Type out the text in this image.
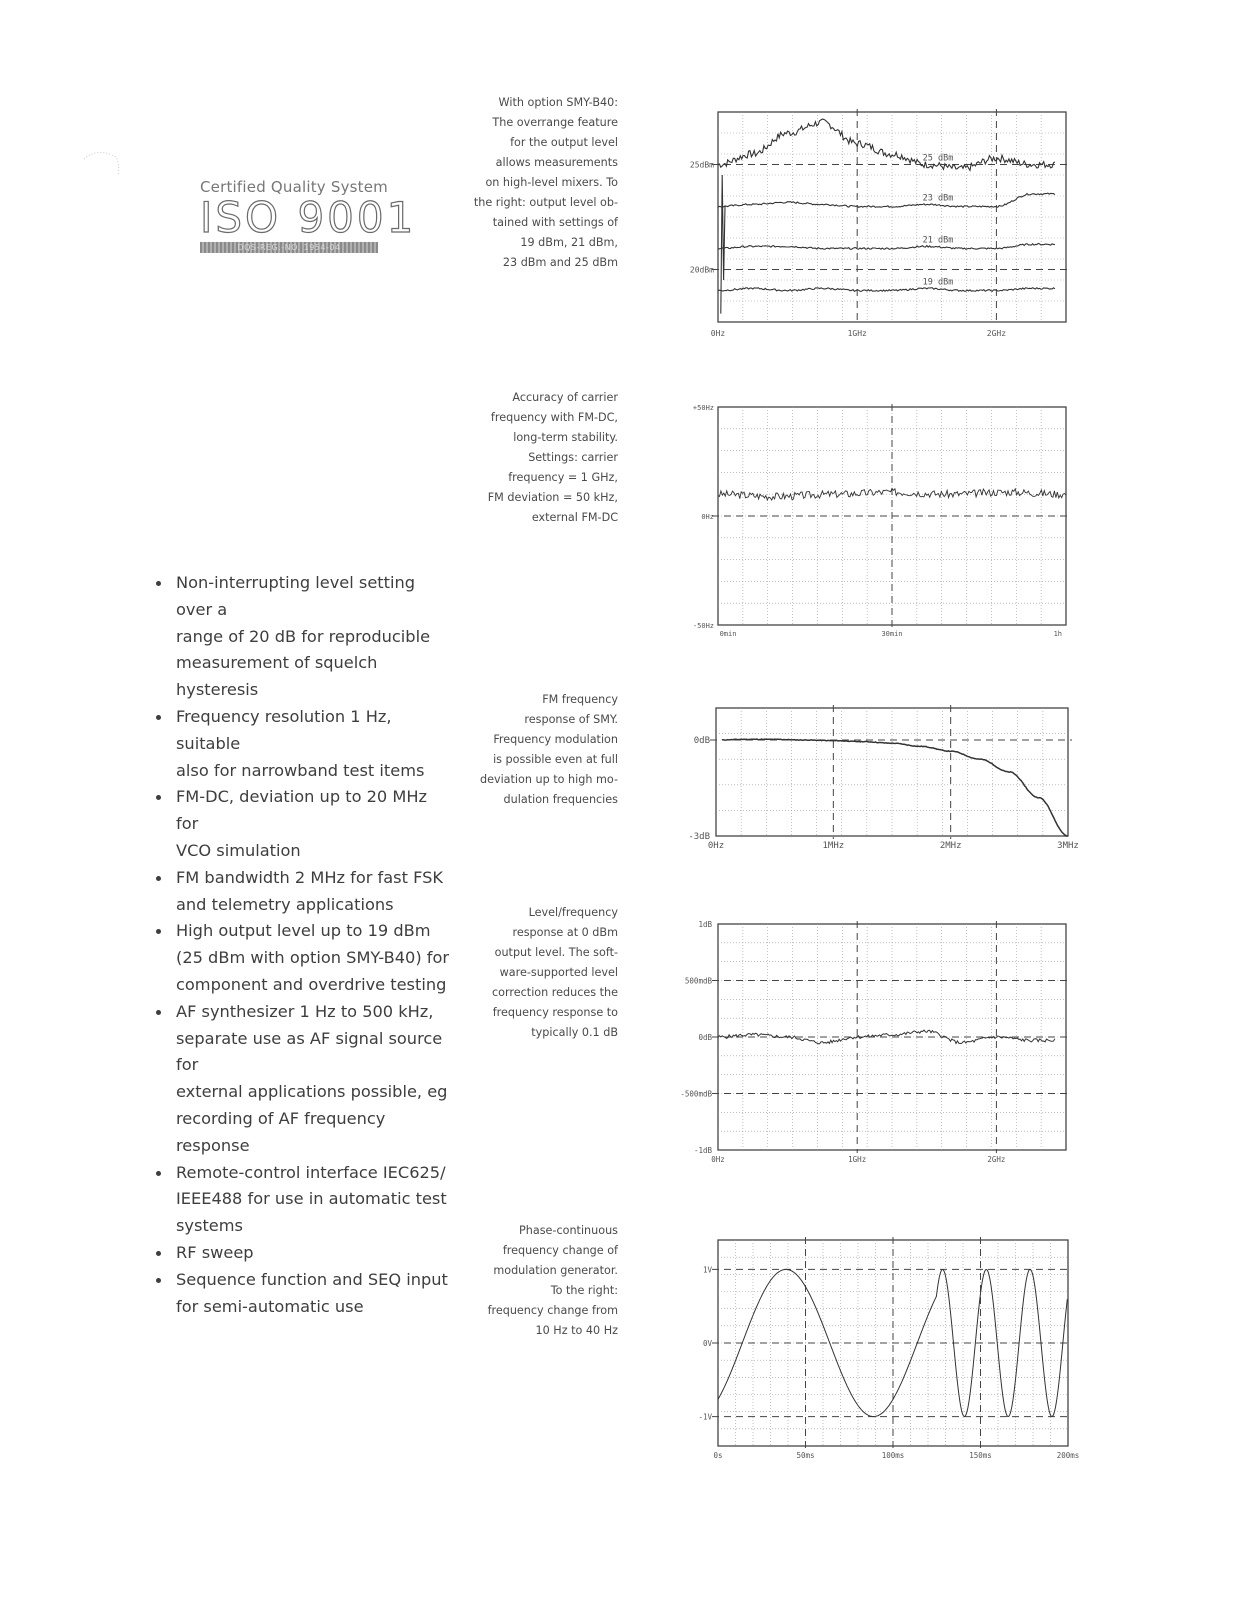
Certified Quality System
ISO 9001
DQS-REG.-NO. 1954-04
Non-interrupting level setting over a
range of 20 dB for reproducible
measurement of squelch hysteresis
Frequency resolution 1 Hz, suitable
also for narrowband test items
FM-DC, deviation up to 20 MHz for
VCO simulation
FM bandwidth 2 MHz for fast FSK
and telemetry applications
High output level up to 19 dBm
(25 dBm with option SMY-B40) for
component and overdrive testing
AF synthesizer 1 Hz to 500 kHz,
separate use as AF signal source for
external applications possible, eg
recording of AF frequency response
Remote-control interface IEC625/
IEEE488 for use in automatic test
systems
RF sweep
Sequence function and SEQ input
for semi-automatic use
With option SMY-B40:
The overrange feature
for the output level
allows measurements
on high-level mixers. To
the right: output level ob-
tained with settings of
19 dBm, 21 dBm,
23 dBm and 25 dBm
Accuracy of carrier
frequency with FM-DC,
long-term stability.
Settings: carrier
frequency = 1 GHz,
FM deviation = 50 kHz,
external FM-DC
FM frequency
response of SMY.
Frequency modulation
is possible even at full
deviation up to high mo-
dulation frequencies
Level/frequency
response at 0 dBm
output level. The soft-
ware-supported level
correction reduces the
frequency response to
typically 0.1 dB
Phase-continuous
frequency change of
modulation generator.
To the right:
frequency change from
10 Hz to 40 Hz
25dBm
20dBm
0Hz	1GHz	2GHz
25 dBm
23 dBm
21 dBm
19 dBm
+50Hz
0Hz
-50Hz
0min	30min	1h
0dB
-3dB
0Hz	1MHz	2MHz	3MHz
1dB
500mdB
0dB
-500mdB
-1dB
0Hz	1GHz	2GHz
1V
0V
-1V
0s	50ms	100ms	150ms	200ms
